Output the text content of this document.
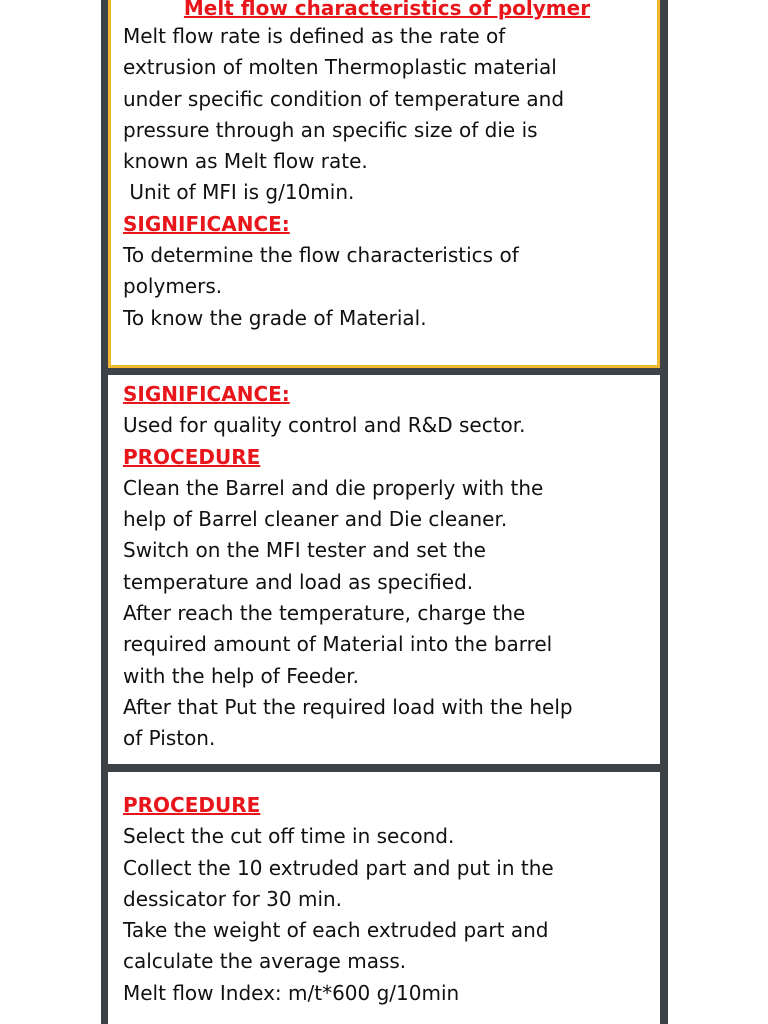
Melt flow characteristics of polymer
Melt flow rate is defined as the rate of
extrusion of molten Thermoplastic material
under specific condition of temperature and
pressure through an specific size of die is
known as Melt flow rate.
Unit of MFI is g/10min.
SIGNIFICANCE:
To determine the flow characteristics of
polymers.
To know the grade of Material.
SIGNIFICANCE:
Used for quality control and R&D sector.
PROCEDURE
Clean the Barrel and die properly with the
help of Barrel cleaner and Die cleaner.
Switch on the MFI tester and set the
temperature and load as specified.
After reach the temperature, charge the
required amount of Material into the barrel
with the help of Feeder.
After that Put the required load with the help
of Piston.
PROCEDURE
Select the cut off time in second.
Collect the 10 extruded part and put in the
dessicator for 30 min.
Take the weight of each extruded part and
calculate the average mass.
Melt flow Index: m/t*600 g/10min
